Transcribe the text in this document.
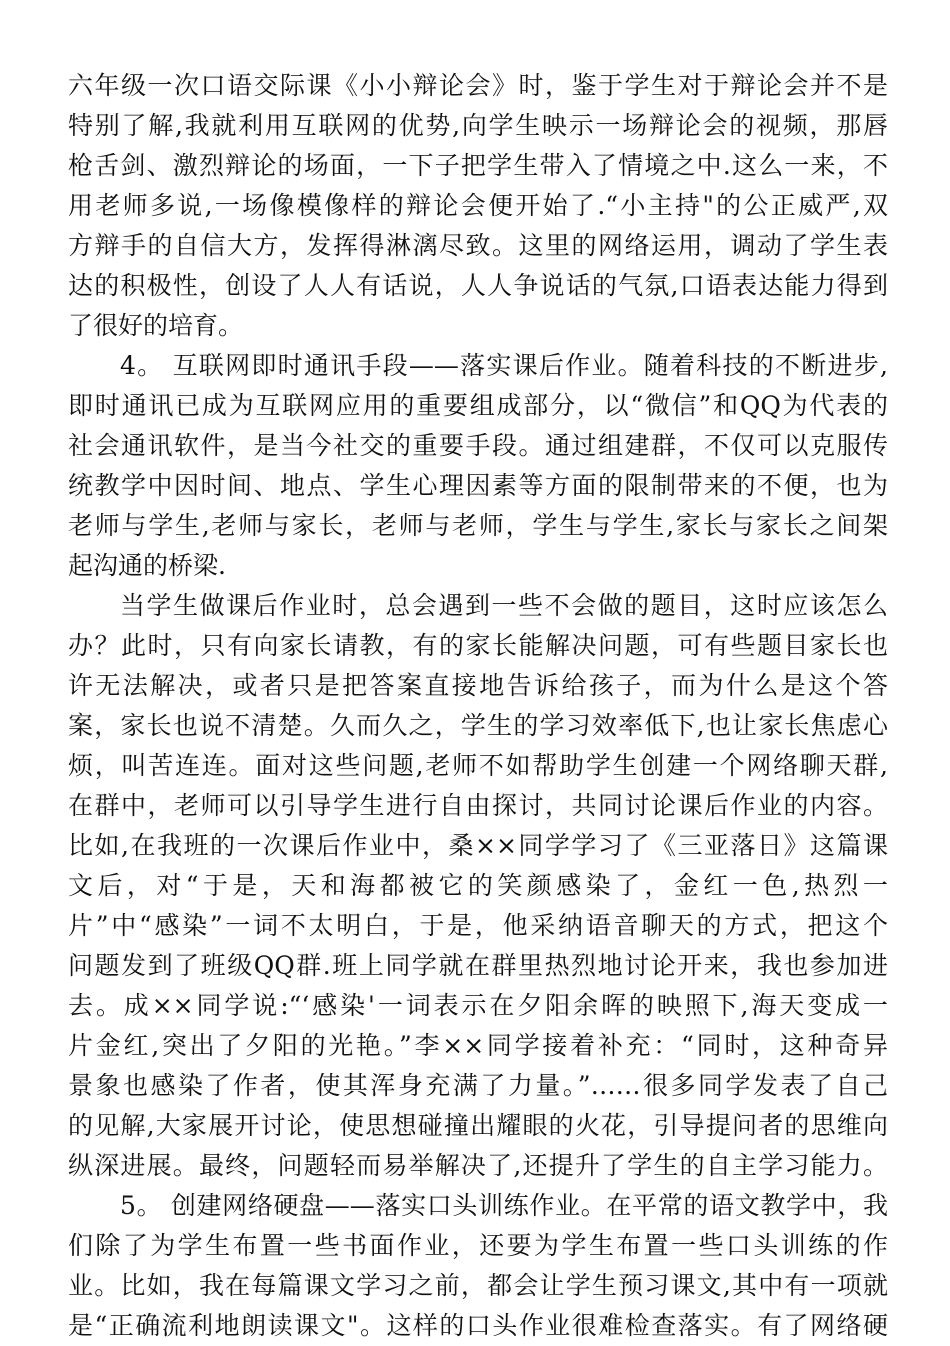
六年级一次口语交际课《小小辩论会》时，鉴于学生对于辩论会并不是
特别了解,我就利用互联网的优势,向学生映示一场辩论会的视频，那唇
枪舌剑、激烈辩论的场面，一下子把学生带入了情境之中.这么一来，不
用老师多说,一场像模像样的辩论会便开始了.“小主持"的公正威严,双
方辩手的自信大方，发挥得淋漓尽致。这里的网络运用，调动了学生表
达的积极性，创设了人人有话说，人人争说话的气氛,口语表达能力得到
了很好的培育。
4。 互联网即时通讯手段——落实课后作业。随着科技的不断进步,
即时通讯已成为互联网应用的重要组成部分，以“微信”和QQ为代表的
社会通讯软件，是当今社交的重要手段。通过组建群，不仅可以克服传
统教学中因时间、地点、学生心理因素等方面的限制带来的不便，也为
老师与学生,老师与家长，老师与老师，学生与学生,家长与家长之间架
起沟通的桥梁.
当学生做课后作业时，总会遇到一些不会做的题目，这时应该怎么
办？此时，只有向家长请教，有的家长能解决问题，可有些题目家长也
许无法解决，或者只是把答案直接地告诉给孩子，而为什么是这个答
案，家长也说不清楚。久而久之，学生的学习效率低下,也让家长焦虑心
烦，叫苦连连。面对这些问题,老师不如帮助学生创建一个网络聊天群,
在群中，老师可以引导学生进行自由探讨，共同讨论课后作业的内容。
比如,在我班的一次课后作业中，桑××同学学习了《三亚落日》这篇课
文后，对“于是，天和海都被它的笑颜感染了，金红一色,热烈一
片”中“感染”一词不太明白，于是，他采纳语音聊天的方式，把这个
问题发到了班级QQ群.班上同学就在群里热烈地讨论开来，我也参加进
去。成××同学说:“‘感染'一词表示在夕阳余晖的映照下,海天变成一
片金红,突出了夕阳的光艳。”李××同学接着补充：“同时，这种奇异
景象也感染了作者，使其浑身充满了力量。”……很多同学发表了自己
的见解,大家展开讨论，使思想碰撞出耀眼的火花，引导提问者的思维向
纵深进展。最终，问题轻而易举解决了,还提升了学生的自主学习能力。
5。 创建网络硬盘——落实口头训练作业。在平常的语文教学中，我
们除了为学生布置一些书面作业，还要为学生布置一些口头训练的作
业。比如，我在每篇课文学习之前，都会让学生预习课文,其中有一项就
是“正确流利地朗读课文"。这样的口头作业很难检查落实。有了网络硬
